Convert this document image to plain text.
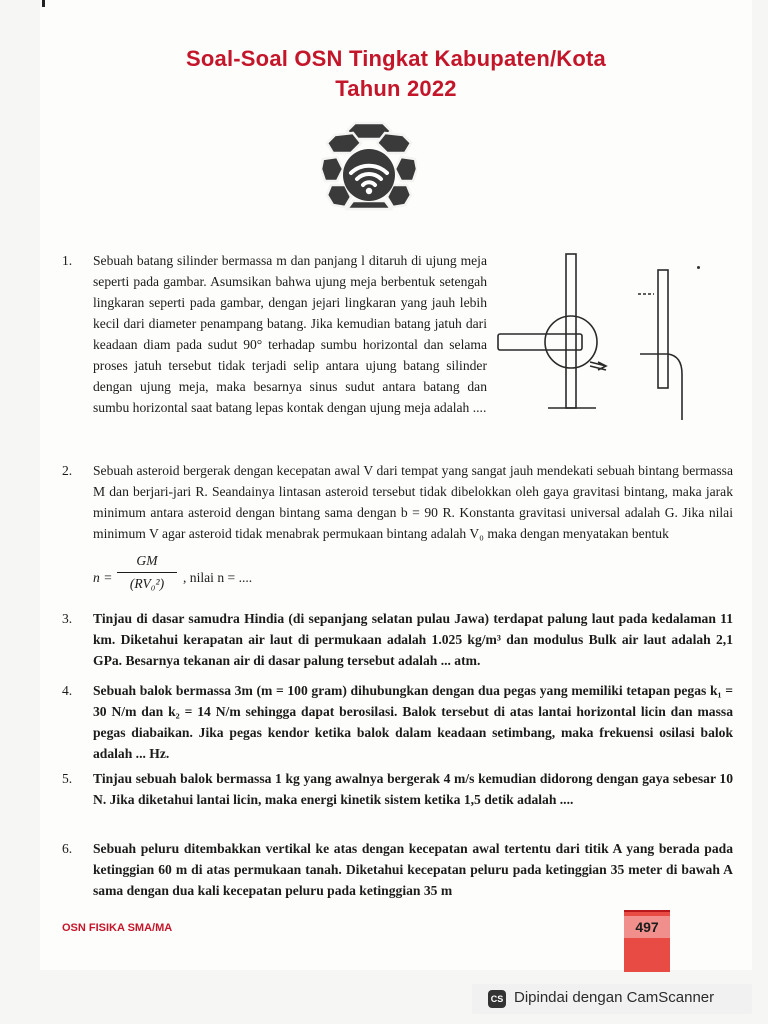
Soal-Soal OSN Tingkat Kabupaten/Kota
Tahun 2022
1.	Sebuah batang silinder bermassa m dan panjang l ditaruh di ujung meja seperti pada gambar. Asumsikan bahwa ujung meja berbentuk setengah lingkaran seperti pada gambar, dengan jejari lingkaran yang jauh lebih kecil dari diameter penampang batang. Jika kemudian batang jatuh dari keadaan diam pada sudut 90° terhadap sumbu horizontal dan selama proses jatuh tersebut tidak terjadi selip antara ujung batang silinder dengan ujung meja, maka besarnya sinus sudut antara batang dan sumbu horizontal saat batang lepas kontak dengan ujung meja adalah ....
2.	Sebuah asteroid bergerak dengan kecepatan awal V dari tempat yang sangat jauh mendekati sebuah bintang bermassa M dan berjari-jari R. Seandainya lintasan asteroid tersebut tidak dibelokkan oleh gaya gravitasi bintang, maka jarak minimum antara asteroid dengan bintang sama dengan b = 90 R. Konstanta gravitasi universal adalah G. Jika nilai minimum V agar asteroid tidak menabrak permukaan bintang adalah V₀ maka dengan menyatakan bentuk
n =
GM
(RV₀²)	, nilai n = ....
3.	Tinjau di dasar samudra Hindia (di sepanjang selatan pulau Jawa) terdapat palung laut pada kedalaman 11 km. Diketahui kerapatan air laut di permukaan adalah 1.025 kg/m³ dan modulus Bulk air laut adalah 2,1 GPa. Besarnya tekanan air di dasar palung tersebut adalah ... atm.
4.	Sebuah balok bermassa 3m (m = 100 gram) dihubungkan dengan dua pegas yang memiliki tetapan pegas k₁ = 30 N/m dan k₂ = 14 N/m sehingga dapat berosilasi. Balok tersebut di atas lantai horizontal licin dan massa pegas diabaikan. Jika pegas kendor ketika balok dalam keadaan setimbang, maka frekuensi osilasi balok adalah ... Hz.
5.	Tinjau sebuah balok bermassa 1 kg yang awalnya bergerak 4 m/s kemudian didorong dengan gaya sebesar 10 N. Jika diketahui lantai licin, maka energi kinetik sistem ketika 1,5 detik adalah ....
6.	Sebuah peluru ditembakkan vertikal ke atas dengan kecepatan awal tertentu dari titik A yang berada pada ketinggian 60 m di atas permukaan tanah. Diketahui kecepatan peluru pada ketinggian 35 meter di bawah A sama dengan dua kali kecepatan peluru pada ketinggian 35 m
OSN FISIKA SMA/MA	497
CS Dipindai dengan CamScanner
